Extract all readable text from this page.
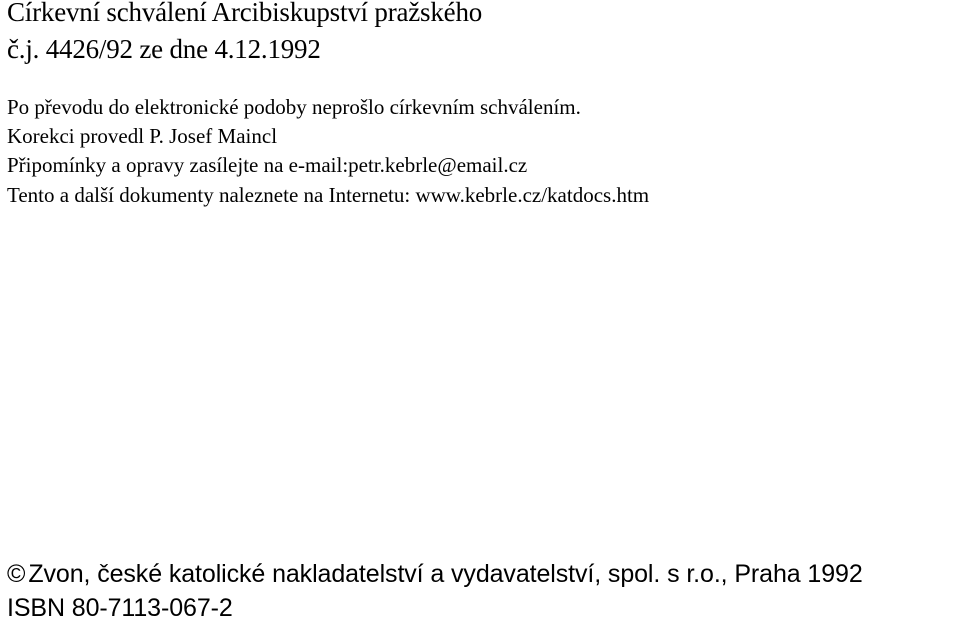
Církevní schválení Arcibiskupství pražského

č.j. 4426/92 ze dne 4.12.1992

Po převodu do elektronické podoby neprošlo církevním schválením.

Korekci provedl P. Josef Maincl

Připomínky a opravy zasílejte na e-mail:petr.kebrle@email.cz

Tento a další dokumenty naleznete na Internetu: www.kebrle.cz/katdocs.htm

© Zvon, české katolické nakladatelství a vydavatelství, spol. s r.o., Praha 1992

ISBN 80-7113-067-2
